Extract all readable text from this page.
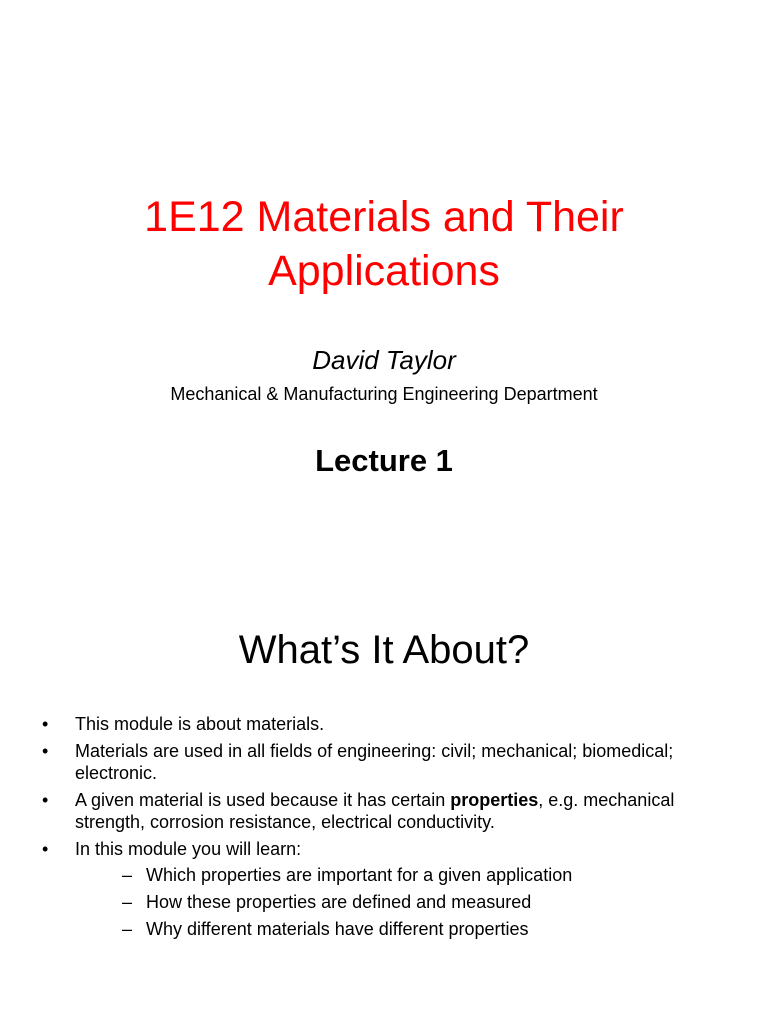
1E12 Materials and Their
Applications
David Taylor
Mechanical & Manufacturing Engineering Department
Lecture 1
What’s It About?
• This module is about materials.
• Materials are used in all fields of engineering: civil; mechanical; biomedical; electronic.
• A given material is used because it has certain properties, e.g. mechanical strength, corrosion resistance, electrical conductivity.
• In this module you will learn:
– Which properties are important for a given application
– How these properties are defined and measured
– Why different materials have different properties
